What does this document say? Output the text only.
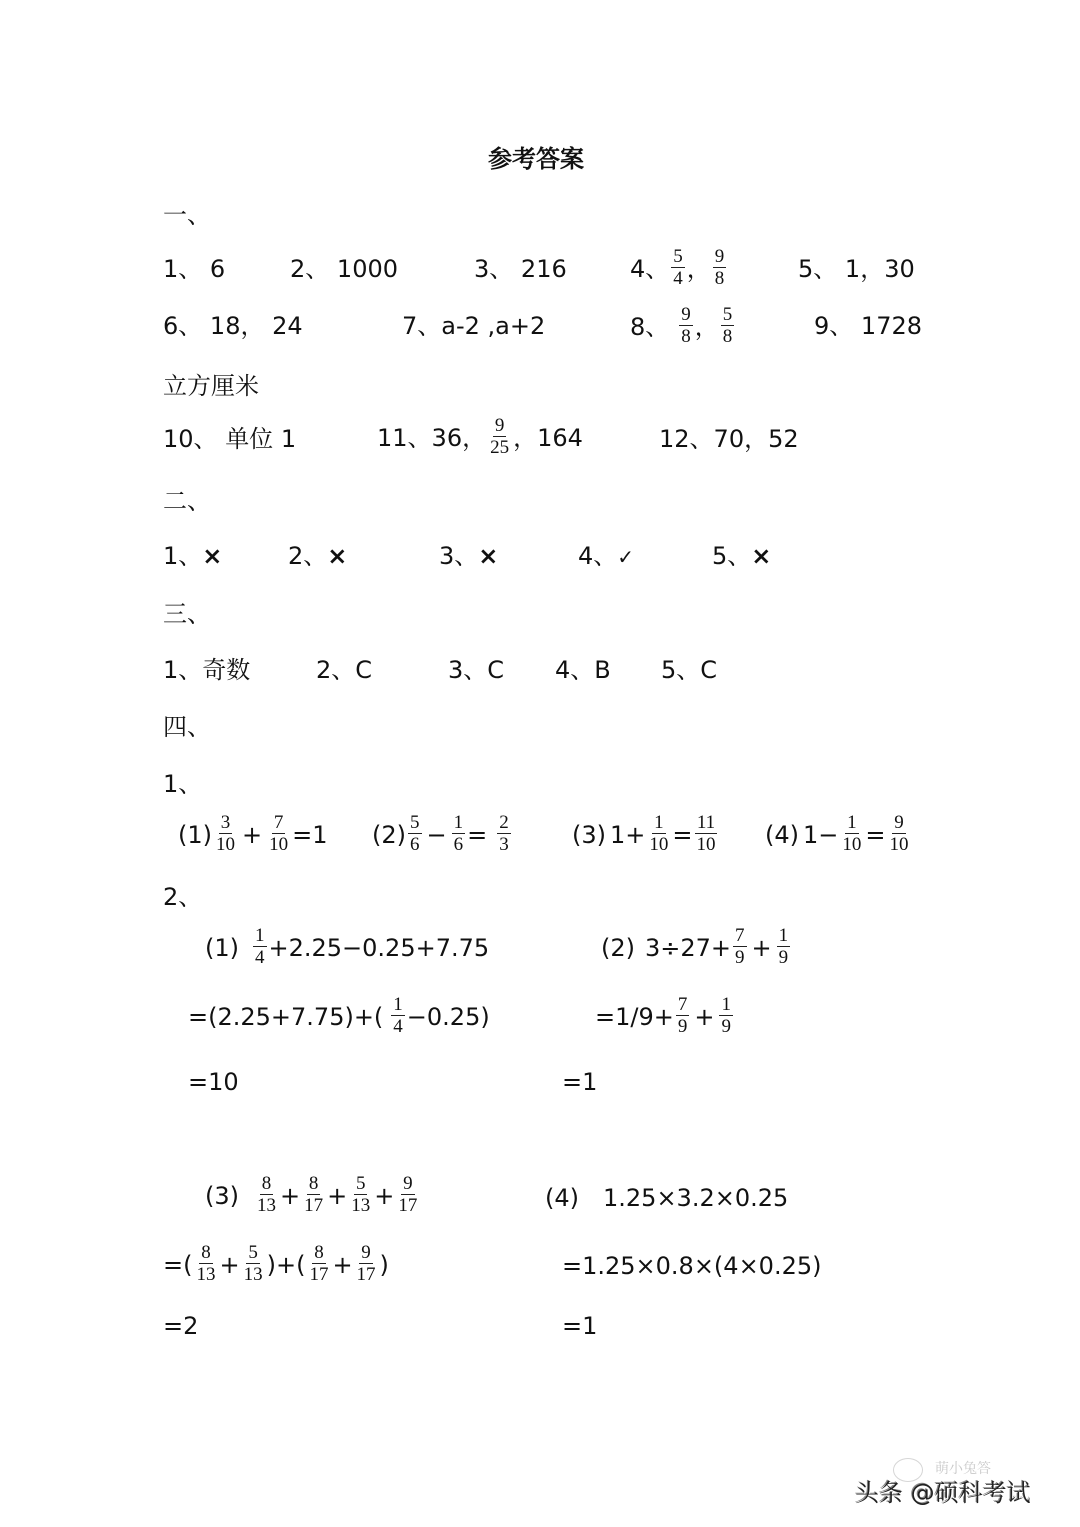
参考答案
一、
1、 6	2、 1000	3、 216	4、 $\frac{5}{4}$ ， $\frac{9}{8}$	5、 1，30
6、 18， 24	7、a-2 ,a+2	8、 $\frac{9}{8}$ ， $\frac{5}{8}$	9、 1728
立方厘米
10、 单位 1	11、 36， $\frac{9}{25}$ ，164	12、70，52
二、
1、×	2、×	3、×	4、✓	5、×
三、
1、奇数	2、C	3、C 4、B 5、C
四、
1、
$(1) \frac{3}{10} + \frac{7}{10} =1$ $(2) \frac{5}{6} - \frac{1}{6} = \frac{2}{3}$	(3) $1+ \frac{1}{10} = \frac{11}{10} (4)$ $1- \frac{1}{10} = \frac{9}{10}$
2、
$(1) \frac{1}{4} +2.25-0.25+7.75$
$=(2.25+7.75)+( \frac{1}{4} -0.25)$
=10
(2) $3\div 27+ \frac{7}{9} + \frac{1}{9}$
$=1/9+ \frac{7}{9} + \frac{1}{9}$
=1
$(3) \frac{8}{13} + \frac{8}{17} + \frac{5}{13} + \frac{9}{17}$
=( $\frac{8}{13} + \frac{5}{13}$ )+( $\frac{8}{17} + \frac{9}{17}$ )
=2
(4) 1.25×3.2×0.25
=1.25×0.8×(4×0.25)
=1
萌小兔答
头条 @硕科考试
